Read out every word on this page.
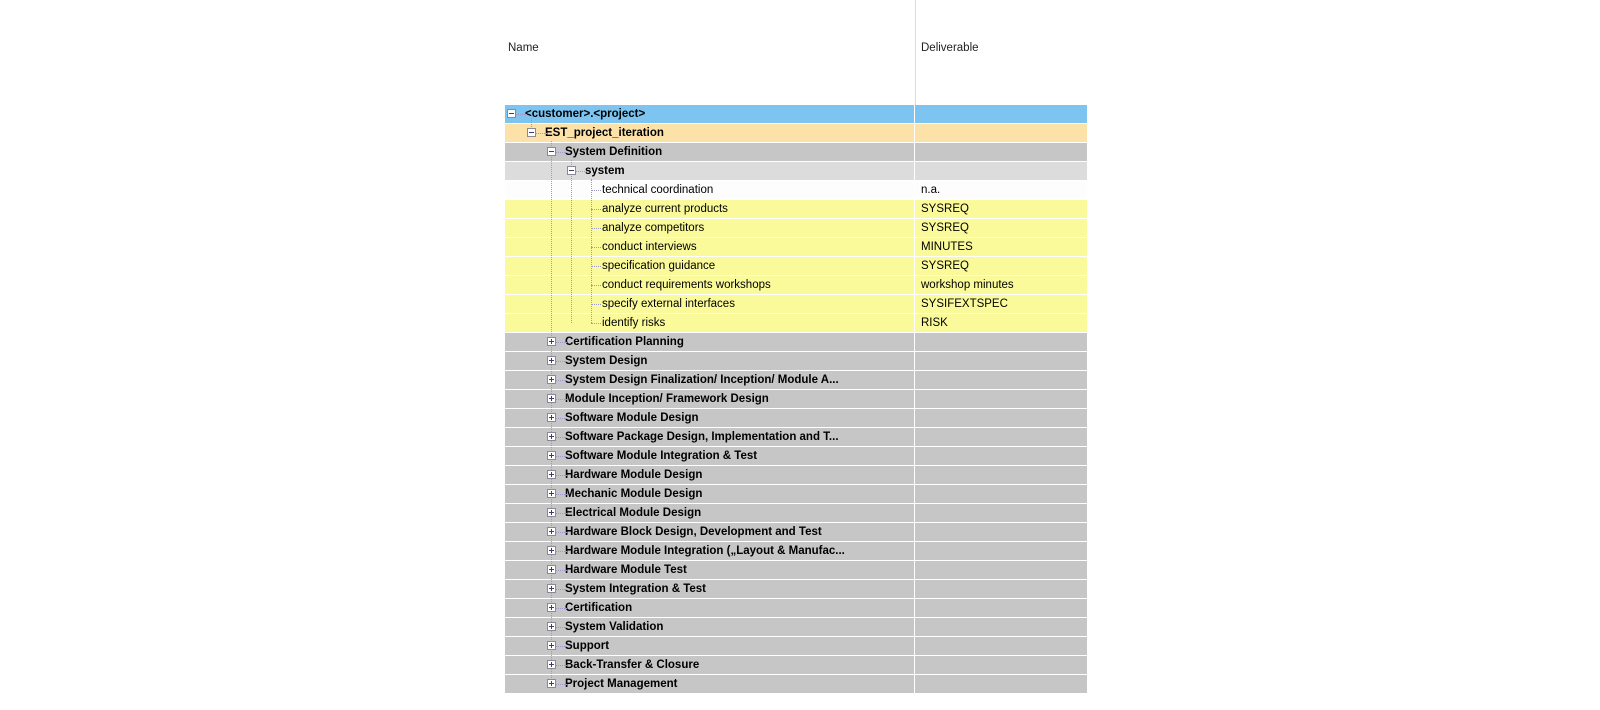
Name	Deliverable
<customer>.<project>
EST_project_iteration
System Definition
system
technical coordination	n.a.
analyze current products	SYSREQ
analyze competitors	SYSREQ
conduct interviews	MINUTES
specification guidance	SYSREQ
conduct requirements workshops	workshop minutes
specify external interfaces	SYSIFEXTSPEC
identify risks	RISK
Certification Planning
System Design
System Design Finalization/ Inception/ Module A...
Module Inception/ Framework Design
Software Module Design
Software Package Design, Implementation and T...
Software Module Integration & Test
Hardware Module Design
Mechanic Module Design
Electrical Module Design
Hardware Block Design, Development and Test
Hardware Module Integration („Layout & Manufac...
Hardware Module Test
System Integration & Test
Certification
System Validation
Support
Back-Transfer & Closure
Project Management
